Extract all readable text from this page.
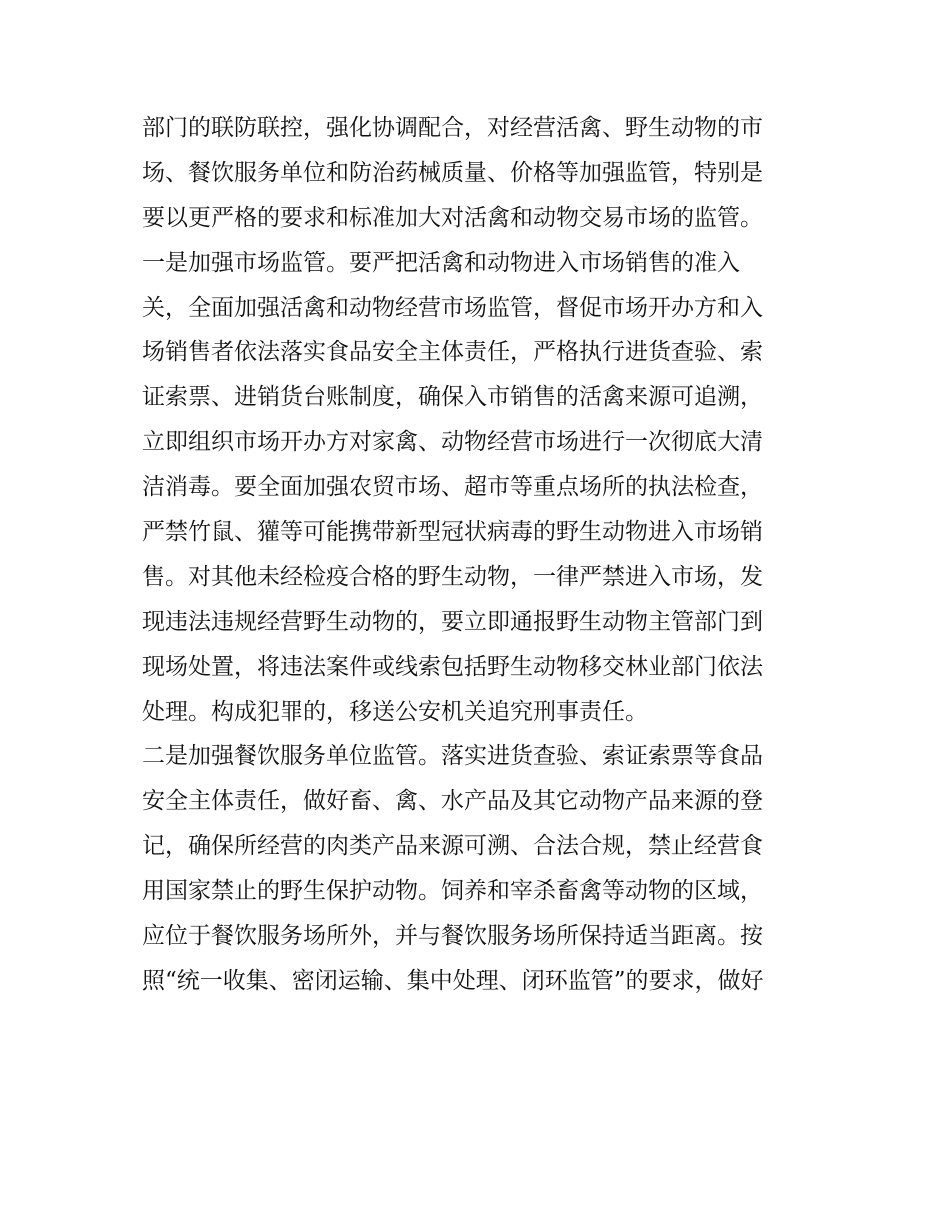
部门的联防联控，强化协调配合，对经营活禽、野生动物的市
场、餐饮服务单位和防治药械质量、价格等加强监管，特别是
要以更严格的要求和标准加大对活禽和动物交易市场的监管。
一是加强市场监管。要严把活禽和动物进入市场销售的准入
关，全面加强活禽和动物经营市场监管，督促市场开办方和入
场销售者依法落实食品安全主体责任，严格执行进货查验、索
证索票、进销货台账制度，确保入市销售的活禽来源可追溯，
立即组织市场开办方对家禽、动物经营市场进行一次彻底大清
洁消毒。要全面加强农贸市场、超市等重点场所的执法检查，
严禁竹鼠、獾等可能携带新型冠状病毒的野生动物进入市场销
售。对其他未经检疫合格的野生动物，一律严禁进入市场，发
现违法违规经营野生动物的，要立即通报野生动物主管部门到
现场处置，将违法案件或线索包括野生动物移交林业部门依法
处理。构成犯罪的，移送公安机关追究刑事责任。
二是加强餐饮服务单位监管。落实进货查验、索证索票等食品
安全主体责任，做好畜、禽、水产品及其它动物产品来源的登
记，确保所经营的肉类产品来源可溯、合法合规，禁止经营食
用国家禁止的野生保护动物。饲养和宰杀畜禽等动物的区域，
应位于餐饮服务场所外，并与餐饮服务场所保持适当距离。按
照“统一收集、密闭运输、集中处理、闭环监管”的要求，做好
